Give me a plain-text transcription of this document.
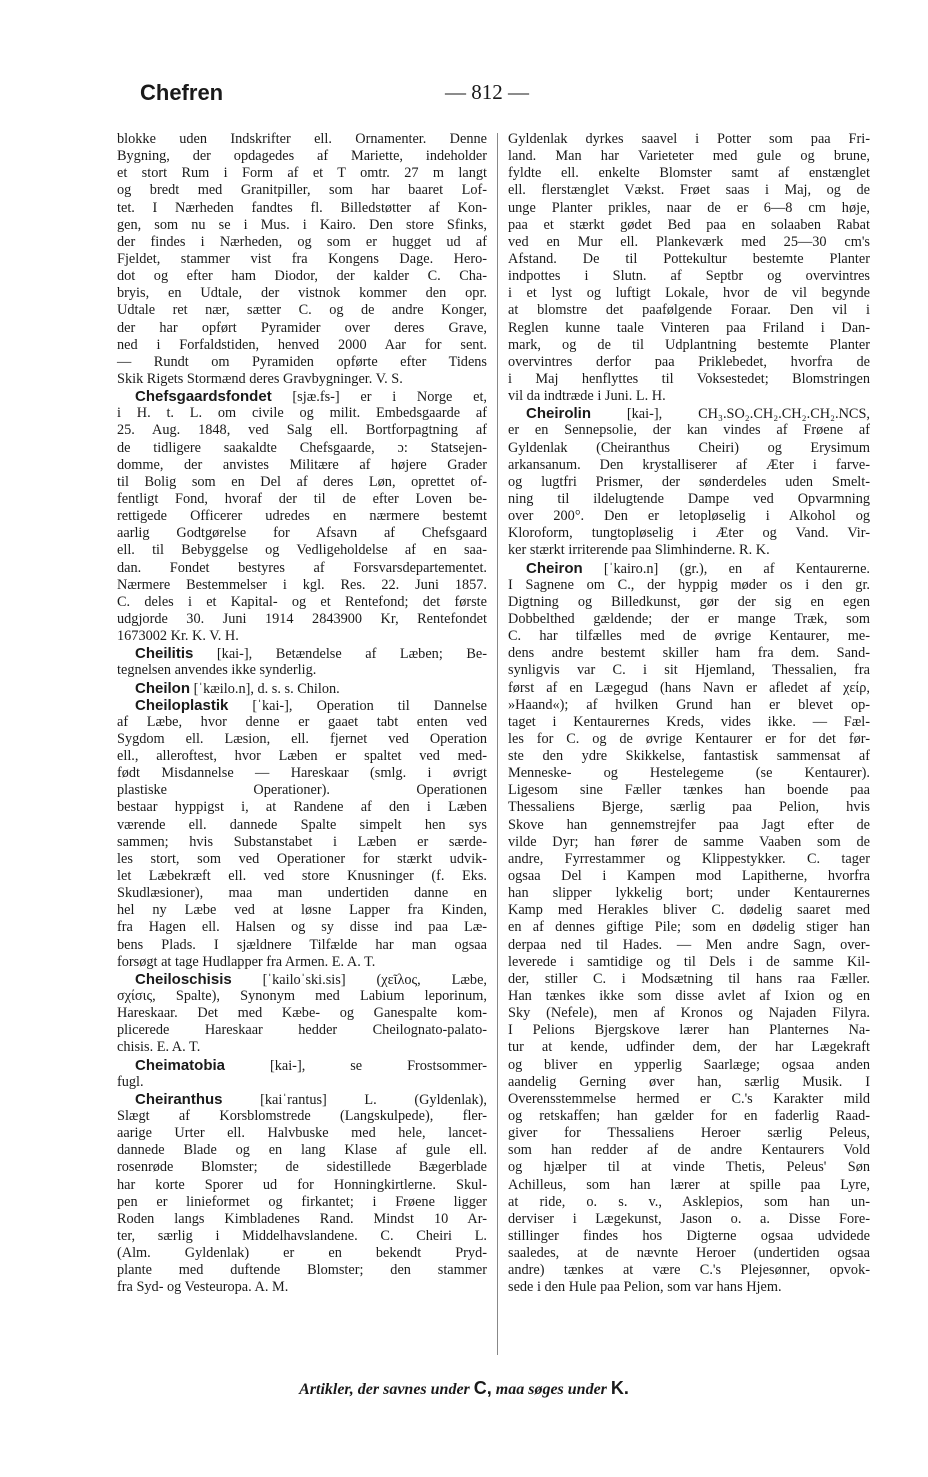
Chefren	— 812 —
blokke uden Indskrifter ell. Ornamenter. Denne
Bygning, der opdagedes af Mariette, indeholder
et stort Rum i Form af et T omtr. 27 m langt
og bredt med Granitpiller, som har baaret Lof-
tet. I Nærheden fandtes fl. Billedstøtter af Kon-
gen, som nu se i Mus. i Kairo. Den store Sfinks,
der findes i Nærheden, og som er hugget ud af
Fjeldet, stammer vist fra Kongens Dage. Hero-
dot og efter ham Diodor, der kalder C. Cha-
bryis, en Udtale, der vistnok kommer den opr.
Udtale ret nær, sætter C. og de andre Konger,
der har opført Pyramider over deres Grave,
ned i Forfaldstiden, henved 2000 Aar for sent.
— Rundt om Pyramiden opførte efter Tidens
Skik Rigets Stormænd deres Gravbygninger. V. S.
Chefsgaardsfondet [sjæ.fs-] er i Norge et,
i H. t. L. om civile og milit. Embedsgaarde af
25. Aug. 1848, ved Salg ell. Bortforpagtning af
de tidligere saakaldte Chefsgaarde, ɔ: Statsejen-
domme, der anvistes Militære af højere Grader
til Bolig som en Del af deres Løn, oprettet of-
fentligt Fond, hvoraf der til de efter Loven be-
rettigede Officerer udredes en nærmere bestemt
aarlig Godtgørelse for Afsavn af Chefsgaard
ell. til Bebyggelse og Vedligeholdelse af en saa-
dan. Fondet bestyres af Forsvarsdepartementet.
Nærmere Bestemmelser i kgl. Res. 22. Juni 1857.
C. deles i et Kapital- og et Rentefond; det første
udgjorde 30. Juni 1914 2843900 Kr, Rentefondet
1673002 Kr. K. V. H.
Cheilitis [kai-], Betændelse af Læben; Be-
tegnelsen anvendes ikke synderlig.
Cheilon [ˈkæilo.n], d. s. s. Chilon.
Cheiloplastik [ˈkai-], Operation til Dannelse
af Læbe, hvor denne er gaaet tabt enten ved
Sygdom ell. Læsion, ell. fjernet ved Operation
ell., alleroftest, hvor Læben er spaltet ved med-
født Misdannelse — Hareskaar (smlg. i øvrigt
plastiske Operationer). Operationen
bestaar hyppigst i, at Randene af den i Læben
værende ell. dannede Spalte simpelt hen sys
sammen; hvis Substanstabet i Læben er særde-
les stort, som ved Operationer for stærkt udvik-
let Læbekræft ell. ved store Knusninger (f. Eks.
Skudlæsioner), maa man undertiden danne en
hel ny Læbe ved at løsne Lapper fra Kinden,
fra Hagen ell. Halsen og sy disse ind paa Læ-
bens Plads. I sjældnere Tilfælde har man ogsaa
forsøgt at tage Hudlapper fra Armen. E. A. T.
Cheiloschisis [ˈkailoˈski.sis] (χεῖλος, Læbe,
σχίσις, Spalte), Synonym med Labium leporinum,
Hareskaar. Det med Kæbe- og Ganespalte kom-
plicerede Hareskaar hedder Cheilognato-palato-
chisis. E. A. T.
Cheimatobia [kai-], se Frostsommer-
fugl.
Cheiranthus [kaiˈrantus] L. (Gyldenlak),
Slægt af Korsblomstrede (Langskulpede), fler-
aarige Urter ell. Halvbuske med hele, lancet-
dannede Blade og en lang Klase af gule ell.
rosenrøde Blomster; de sidestillede Bægerblade
har korte Sporer ud for Honningkirtlerne. Skul-
pen er linieformet og firkantet; i Frøene ligger
Roden langs Kimbladenes Rand. Mindst 10 Ar-
ter, særlig i Middelhavslandene. C. Cheiri L.
(Alm. Gyldenlak) er en bekendt Pryd-
plante med duftende Blomster; den stammer
fra Syd- og Vesteuropa. A. M.
Gyldenlak dyrkes saavel i Potter som paa Fri-
land. Man har Varieteter med gule og brune,
fyldte ell. enkelte Blomster samt af enstænglet
ell. flerstænglet Vækst. Frøet saas i Maj, og de
unge Planter prikles, naar de er 6—8 cm høje,
paa et stærkt gødet Bed paa en solaaben Rabat
ved en Mur ell. Plankeværk med 25—30 cm's
Afstand. De til Pottekultur bestemte Planter
indpottes i Slutn. af Septbr og overvintres
i et lyst og luftigt Lokale, hvor de vil begynde
at blomstre det paafølgende Foraar. Den vil i
Reglen kunne taale Vinteren paa Friland i Dan-
mark, og de til Udplantning bestemte Planter
overvintres derfor paa Priklebedet, hvorfra de
i Maj henflyttes til Voksestedet; Blomstringen
vil da indtræde i Juni. L. H.
Cheirolin [kai-], CH₃.SO₂.CH₂.CH₂.CH₂.NCS,
er en Sennepsolie, der kan vindes af Frøene af
Gyldenlak (Cheiranthus Cheiri) og Erysimum
arkansanum. Den krystalliserer af Æter i farve-
og lugtfri Prismer, der sønderdeles uden Smelt-
ning til ildelugtende Dampe ved Opvarmning
over 200°. Den er letopløselig i Alkohol og
Kloroform, tungtopløselig i Æter og Vand. Vir-
ker stærkt irriterende paa Slimhinderne. R. K.
Cheiron [ˈkairo.n] (gr.), en af Kentaurerne.
I Sagnene om C., der hyppig møder os i den gr.
Digtning og Billedkunst, gør der sig en egen
Dobbelthed gældende; der er mange Træk, som
C. har tilfælles med de øvrige Kentaurer, me-
dens andre bestemt skiller ham fra dem. Sand-
synligvis var C. i sit Hjemland, Thessalien, fra
først af en Lægegud (hans Navn er afledet af χείρ,
»Haand«); af hvilken Grund han er blevet op-
taget i Kentaurernes Kreds, vides ikke. — Fæl-
les for C. og de øvrige Kentaurer er for det før-
ste den ydre Skikkelse, fantastisk sammensat af
Menneske- og Hestelegeme (se Kentaurer).
Ligesom sine Fæller tænkes han boende paa
Thessaliens Bjerge, særlig paa Pelion, hvis
Skove han gennemstrejfer paa Jagt efter de
vilde Dyr; han fører de samme Vaaben som de
andre, Fyrrestammer og Klippestykker. C. tager
ogsaa Del i Kampen mod Lapitherne, hvorfra
han slipper lykkelig bort; under Kentaurernes
Kamp med Herakles bliver C. dødelig saaret med
en af dennes giftige Pile; som en dødelig stiger han
derpaa ned til Hades. — Men andre Sagn, over-
leverede i samtidige og til Dels i de samme Kil-
der, stiller C. i Modsætning til hans raa Fæller.
Han tænkes ikke som disse avlet af Ixion og en
Sky (Nefele), men af Kronos og Najaden Filyra.
I Pelions Bjergskove lærer han Planternes Na-
tur at kende, udfinder dem, der har Lægekraft
og bliver en ypperlig Saarlæge; ogsaa anden
aandelig Gerning øver han, særlig Musik. I
Overensstemmelse hermed er C.'s Karakter mild
og retskaffen; han gælder for en faderlig Raad-
giver for Thessaliens Heroer særlig Peleus,
som han redder af de andre Kentaurers Vold
og hjælper til at vinde Thetis, Peleus' Søn
Achilleus, som han lærer at spille paa Lyre,
at ride, o. s. v., Asklepios, som han un-
derviser i Lægekunst, Jason o. a. Disse Fore-
stillinger findes hos Digterne ogsaa udvidede
saaledes, at de nævnte Heroer (undertiden ogsaa
andre) tænkes at være C.'s Plejesønner, opvok-
sede i den Hule paa Pelion, som var hans Hjem.
Artikler, der savnes under C, maa søges under K.
